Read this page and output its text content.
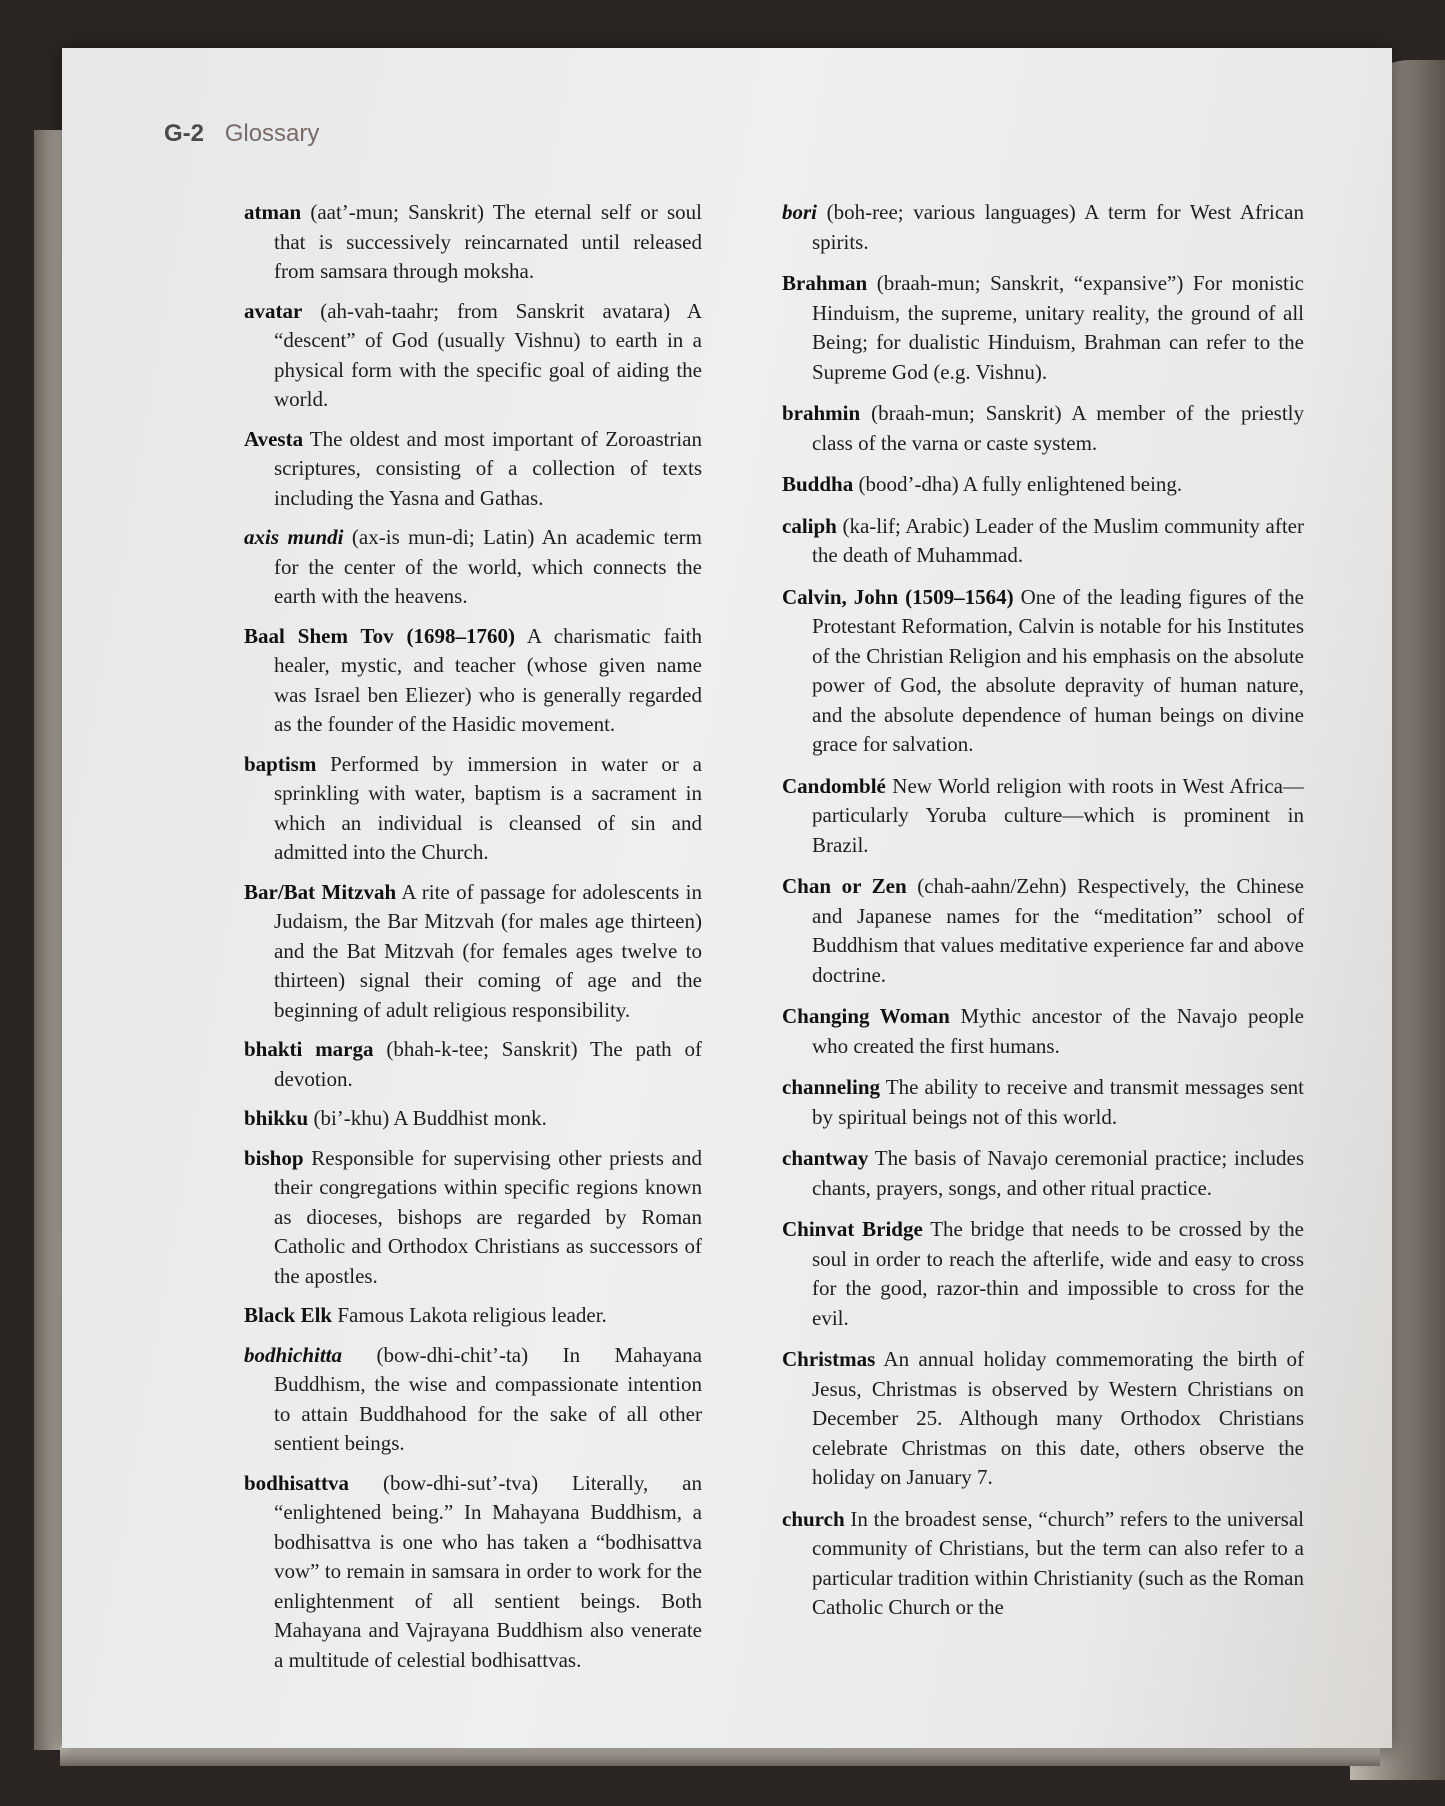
G-2 Glossary

atman (aat’-mun; Sanskrit) The eternal self or soul that is successively reincarnated until released from samsara through moksha.

avatar (ah-vah-taahr; from Sanskrit avatara) A “descent” of God (usually Vishnu) to earth in a physical form with the specific goal of aiding the world.

Avesta The oldest and most important of Zoroastrian scriptures, consisting of a collection of texts including the Yasna and Gathas.

axis mundi (ax-is mun-di; Latin) An academic term for the center of the world, which connects the earth with the heavens.

Baal Shem Tov (1698–1760) A charismatic faith healer, mystic, and teacher (whose given name was Israel ben Eliezer) who is generally regarded as the founder of the Hasidic movement.

baptism Performed by immersion in water or a sprinkling with water, baptism is a sacrament in which an individual is cleansed of sin and admitted into the Church.

Bar/Bat Mitzvah A rite of passage for adolescents in Judaism, the Bar Mitzvah (for males age thirteen) and the Bat Mitzvah (for females ages twelve to thirteen) signal their coming of age and the beginning of adult religious responsibility.

bhakti marga (bhah-k-tee; Sanskrit) The path of devotion.

bhikku (bi’-khu) A Buddhist monk.

bishop Responsible for supervising other priests and their congregations within specific regions known as dioceses, bishops are regarded by Roman Catholic and Orthodox Christians as successors of the apostles.

Black Elk Famous Lakota religious leader.

bodhichitta (bow-dhi-chit’-ta) In Mahayana Buddhism, the wise and compassionate intention to attain Buddhahood for the sake of all other sentient beings.

bodhisattva (bow-dhi-sut’-tva) Literally, an “enlightened being.” In Mahayana Buddhism, a bodhisattva is one who has taken a “bodhisattva vow” to remain in samsara in order to work for the enlightenment of all sentient beings. Both Mahayana and Vajrayana Buddhism also venerate a multitude of celestial bodhisattvas.

bori (boh-ree; various languages) A term for West African spirits.

Brahman (braah-mun; Sanskrit, “expansive”) For monistic Hinduism, the supreme, unitary reality, the ground of all Being; for dualistic Hinduism, Brahman can refer to the Supreme God (e.g. Vishnu).

brahmin (braah-mun; Sanskrit) A member of the priestly class of the varna or caste system.

Buddha (bood’-dha) A fully enlightened being.

caliph (ka-lif; Arabic) Leader of the Muslim community after the death of Muhammad.

Calvin, John (1509–1564) One of the leading figures of the Protestant Reformation, Calvin is notable for his Institutes of the Christian Religion and his emphasis on the absolute power of God, the absolute depravity of human nature, and the absolute dependence of human beings on divine grace for salvation.

Candomblé New World religion with roots in West Africa—particularly Yoruba culture—which is prominent in Brazil.

Chan or Zen (chah-aahn/Zehn) Respectively, the Chinese and Japanese names for the “meditation” school of Buddhism that values meditative experience far and above doctrine.

Changing Woman Mythic ancestor of the Navajo people who created the first humans.

channeling The ability to receive and transmit messages sent by spiritual beings not of this world.

chantway The basis of Navajo ceremonial practice; includes chants, prayers, songs, and other ritual practice.

Chinvat Bridge The bridge that needs to be crossed by the soul in order to reach the afterlife, wide and easy to cross for the good, razor-thin and impossible to cross for the evil.

Christmas An annual holiday commemorating the birth of Jesus, Christmas is observed by Western Christians on December 25. Although many Orthodox Christians celebrate Christmas on this date, others observe the holiday on January 7.

church In the broadest sense, “church” refers to the universal community of Christians, but the term can also refer to a particular tradition within Christianity (such as the Roman Catholic Church or the
